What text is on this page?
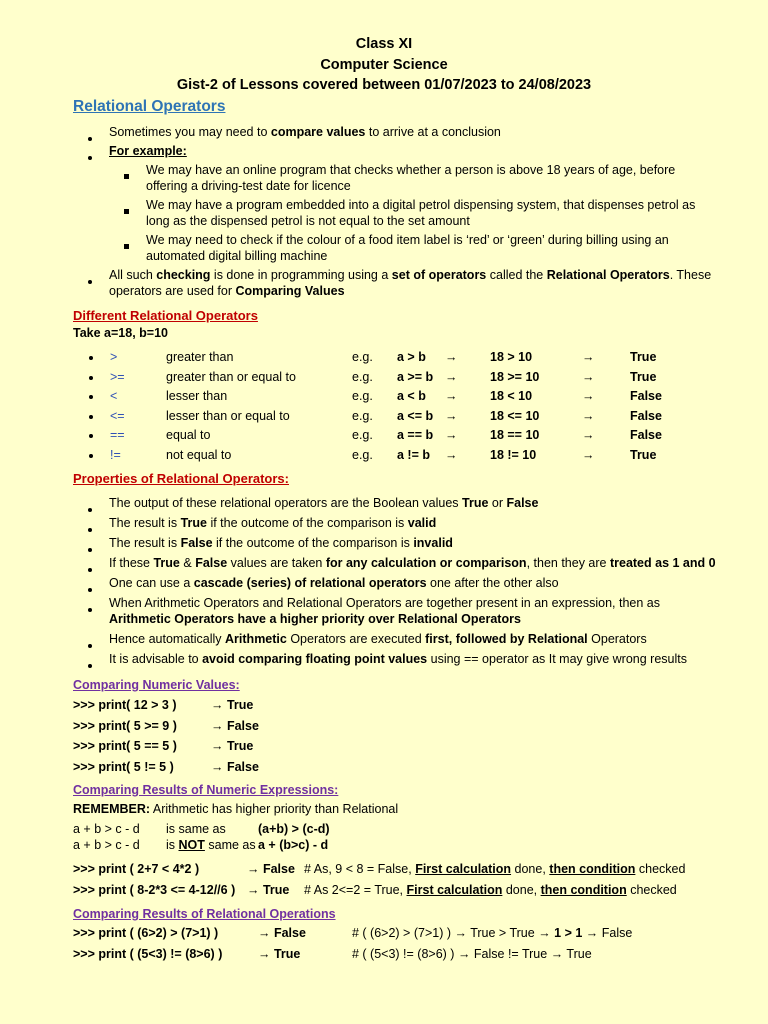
Class XI
Computer Science
Gist-2 of Lessons covered between 01/07/2023 to 24/08/2023
Relational Operators
Sometimes you may need to compare values to arrive at a conclusion
For example:
We may have an online program that checks whether a person is above 18 years of age, before
offering a driving-test date for licence
We may have a program embedded into a digital petrol dispensing system, that dispenses petrol as
long as the dispensed petrol is not equal to the set amount
We may need to check if the colour of a food item label is ‘red’ or ‘green’ during billing using an
automated digital billing machine
All such checking is done in programming using a set of operators called the Relational Operators. These
operators are used for Comparing Values
Different Relational Operators
Take a=18, b=10
>	greater than	e.g. a > b →	18 > 10	→	True
>=	greater than or equal to	e.g. a >= b →	18 >= 10	→	True
<	lesser than	e.g. a < b →	18 < 10	→	False
<=	lesser than or equal to	e.g. a <= b →	18 <= 10	→	False
==	equal to	e.g. a == b →	18 == 10	→	False
!=	not equal to	e.g. a != b →	18 != 10	→	True
Properties of Relational Operators:
The output of these relational operators are the Boolean values True or False
The result is True if the outcome of the comparison is valid
The result is False if the outcome of the comparison is invalid
If these True & False values are taken for any calculation or comparison, then they are treated as 1 and 0
One can use a cascade (series) of relational operators one after the other also
When Arithmetic Operators and Relational Operators are together present in an expression, then as
Arithmetic Operators have a higher priority over Relational Operators
Hence automatically Arithmetic Operators are executed first, followed by Relational Operators
It is advisable to avoid comparing floating point values using == operator as It may give wrong results
Comparing Numeric Values:
>>> print( 12 > 3 )	→ True
>>> print( 5 >= 9 )	→ False
>>> print( 5 == 5 )	→ True
>>> print( 5 != 5 )	→ False
Comparing Results of Numeric Expressions:
REMEMBER: Arithmetic has higher priority than Relational
a + b > c - d is same as	(a+b) > (c-d)
a + b > c - d is NOT same as a + (b>c) - d
>>> print ( 2+7 < 4*2 )	→ False # As, 9 < 8 = False, First calculation done, then condition checked
>>> print ( 8-2*3 <= 4-12//6 ) → True # As 2<=2 = True, First calculation done, then condition checked
Comparing Results of Relational Operations
>>> print ( (6>2) > (7>1) )	→ False	# ( (6>2) > (7>1) ) → True > True → 1 > 1 → False
>>> print ( (5<3) != (8>6) )	→ True	# ( (5<3) != (8>6) ) → False != True → True
